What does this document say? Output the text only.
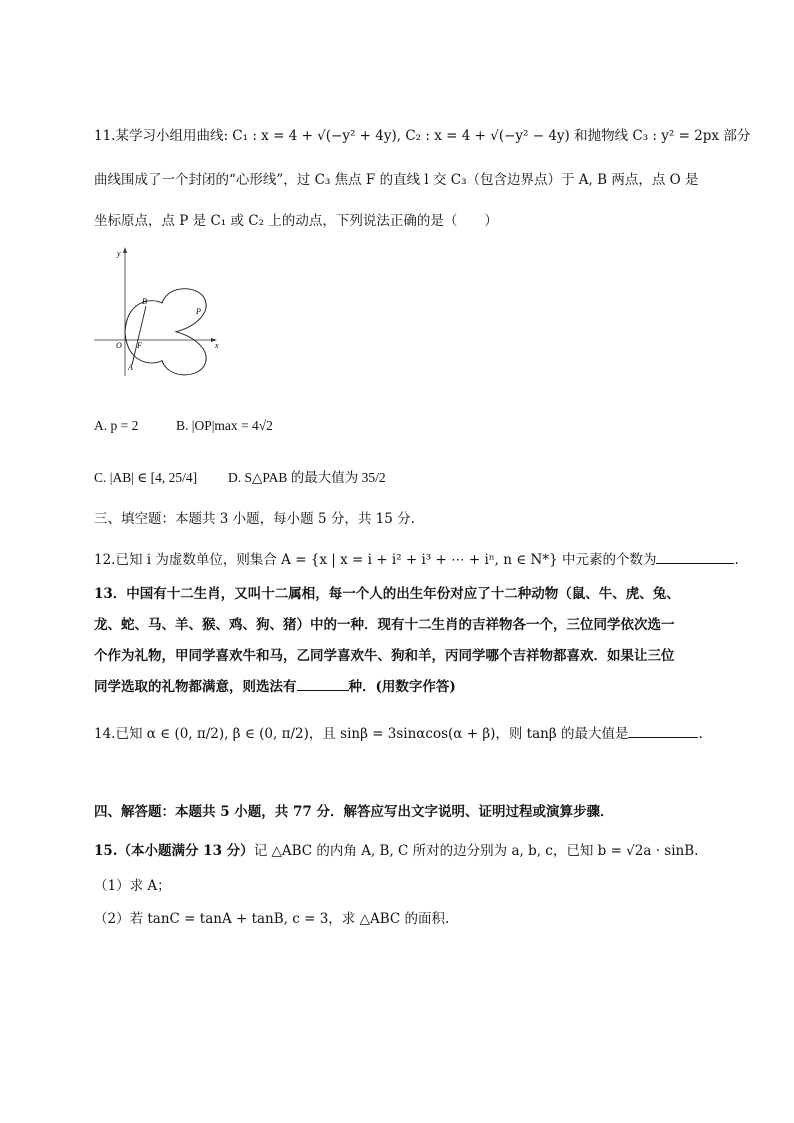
11.某学习小组用曲线: C₁ : x = 4 + √(−y² + 4y), C₂ : x = 4 + √(−y² − 4y) 和抛物线 C₃ : y² = 2px 部分
曲线围成了一个封闭的“心形线”，过 C₃ 焦点 F 的直线 l 交 C₃（包含边界点）于 A, B 两点，点 O 是
坐标原点，点 P 是 C₁ 或 C₂ 上的动点，下列说法正确的是（　　）
y
x
O F
A
B
P
A. p = 2	B. |OP|max = 4√2
C. |AB| ∈ [4, 25/4] D. S△PAB 的最大值为 35/2
三、填空题：本题共 3 小题，每小题 5 分，共 15 分.
12.已知 i 为虚数单位，则集合 A = {x | x = i + i² + i³ + ⋯ + iⁿ, n ∈ N*} 中元素的个数为	.
13．中国有十二生肖，又叫十二属相，每一个人的出生年份对应了十二种动物（鼠、牛、虎、兔、
龙、蛇、马、羊、猴、鸡、狗、猪）中的一种．现有十二生肖的吉祥物各一个，三位同学依次选一
个作为礼物，甲同学喜欢牛和马，乙同学喜欢牛、狗和羊，丙同学哪个吉祥物都喜欢．如果让三位
同学选取的礼物都满意，则选法有	种．(用数字作答)
14.已知 α ∈ (0, π/2), β ∈ (0, π/2)，且 sinβ = 3sinαcos(α + β)，则 tanβ 的最大值是	.
四、解答题：本题共 5 小题，共 77 分．解答应写出文字说明、证明过程或演算步骤．
15.（本小题满分 13 分）记 △ABC 的内角 A, B, C 所对的边分别为 a, b, c，已知 b = √2a · sinB.
（1）求 A；
（2）若 tanC = tanA + tanB, c = 3，求 △ABC 的面积.
